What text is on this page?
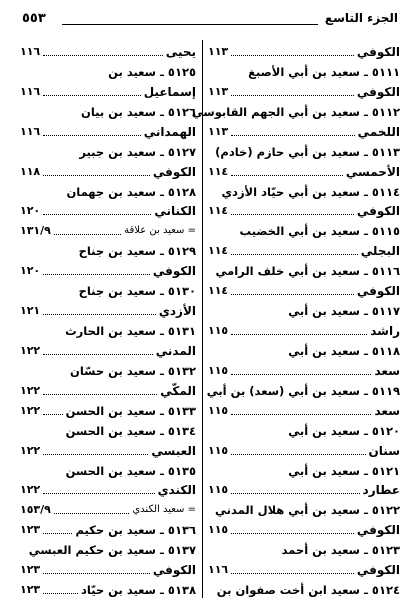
الجزء التاسع
٥٥٣
الكوفي
١١٣
٥١١١ ـ سعيد بن أبي الأصبغ
الكوفي
١١٣
٥١١٢ ـ سعيد بن أبي الجهم القابوسي
اللخمي
١١٣
٥١١٣ ـ سعيد بن أبي حازم (خادم)
الأحمسي
١١٤
٥١١٤ ـ سعيد بن أبي حيّاد الأزدي
الكوفي
١١٤
٥١١٥ ـ سعيد بن أبي الخضيب
البجلي
١١٤
٥١١٦ ـ سعيد بن أبي خلف الرامي
الكوفي
١١٤
٥١١٧ ـ سعيد بن أبي
راشد
١١٥
٥١١٨ ـ سعيد بن أبي
سعد
١١٥
٥١١٩ ـ سعيد بن أبي (سعد) بن أبي
سعد
١١٥
٥١٢٠ ـ سعيد بن أبي
سنان
١١٥
٥١٢١ ـ سعيد بن أبي
عطارد
١١٥
٥١٢٢ ـ سعيد بن أبي هلال المدني
الكوفي
١١٥
٥١٢٣ ـ سعيد بن أحمد
الكوفي
١١٦
٥١٢٤ ـ سعيد ابن أخت صفوان بن
يحيى
١١٦
٥١٢٥ ـ سعيد بن
إسماعيل
١١٦
٥١٢٦ ـ سعيد بن بيان
الهمداني
١١٦
٥١٢٧ ـ سعيد بن جبير
الكوفي
١١٨
٥١٢٨ ـ سعيد بن جهمان
الكناني
١٢٠
= سعيد بن علاقة
١٣١/٩
٥١٢٩ ـ سعيد بن جناح
الكوفي
١٢٠
٥١٣٠ ـ سعيد بن جناح
الأزدي
١٢١
٥١٣١ ـ سعيد بن الحارث
المدني
١٢٢
٥١٣٢ ـ سعيد بن حسّان
المكّي
١٢٢
٥١٣٣ ـ سعيد بن الحسن
١٢٢
٥١٣٤ ـ سعيد بن الحسن
العبسي
١٢٢
٥١٣٥ ـ سعيد بن الحسن
الكندي
١٢٢
= سعيد الكندي
١٥٣/٩
٥١٣٦ ـ سعيد بن حكيم
١٢٣
٥١٣٧ ـ سعيد بن حكيم العبسي
الكوفي
١٢٣
٥١٣٨ ـ سعيد بن حيّاد
١٢٣
